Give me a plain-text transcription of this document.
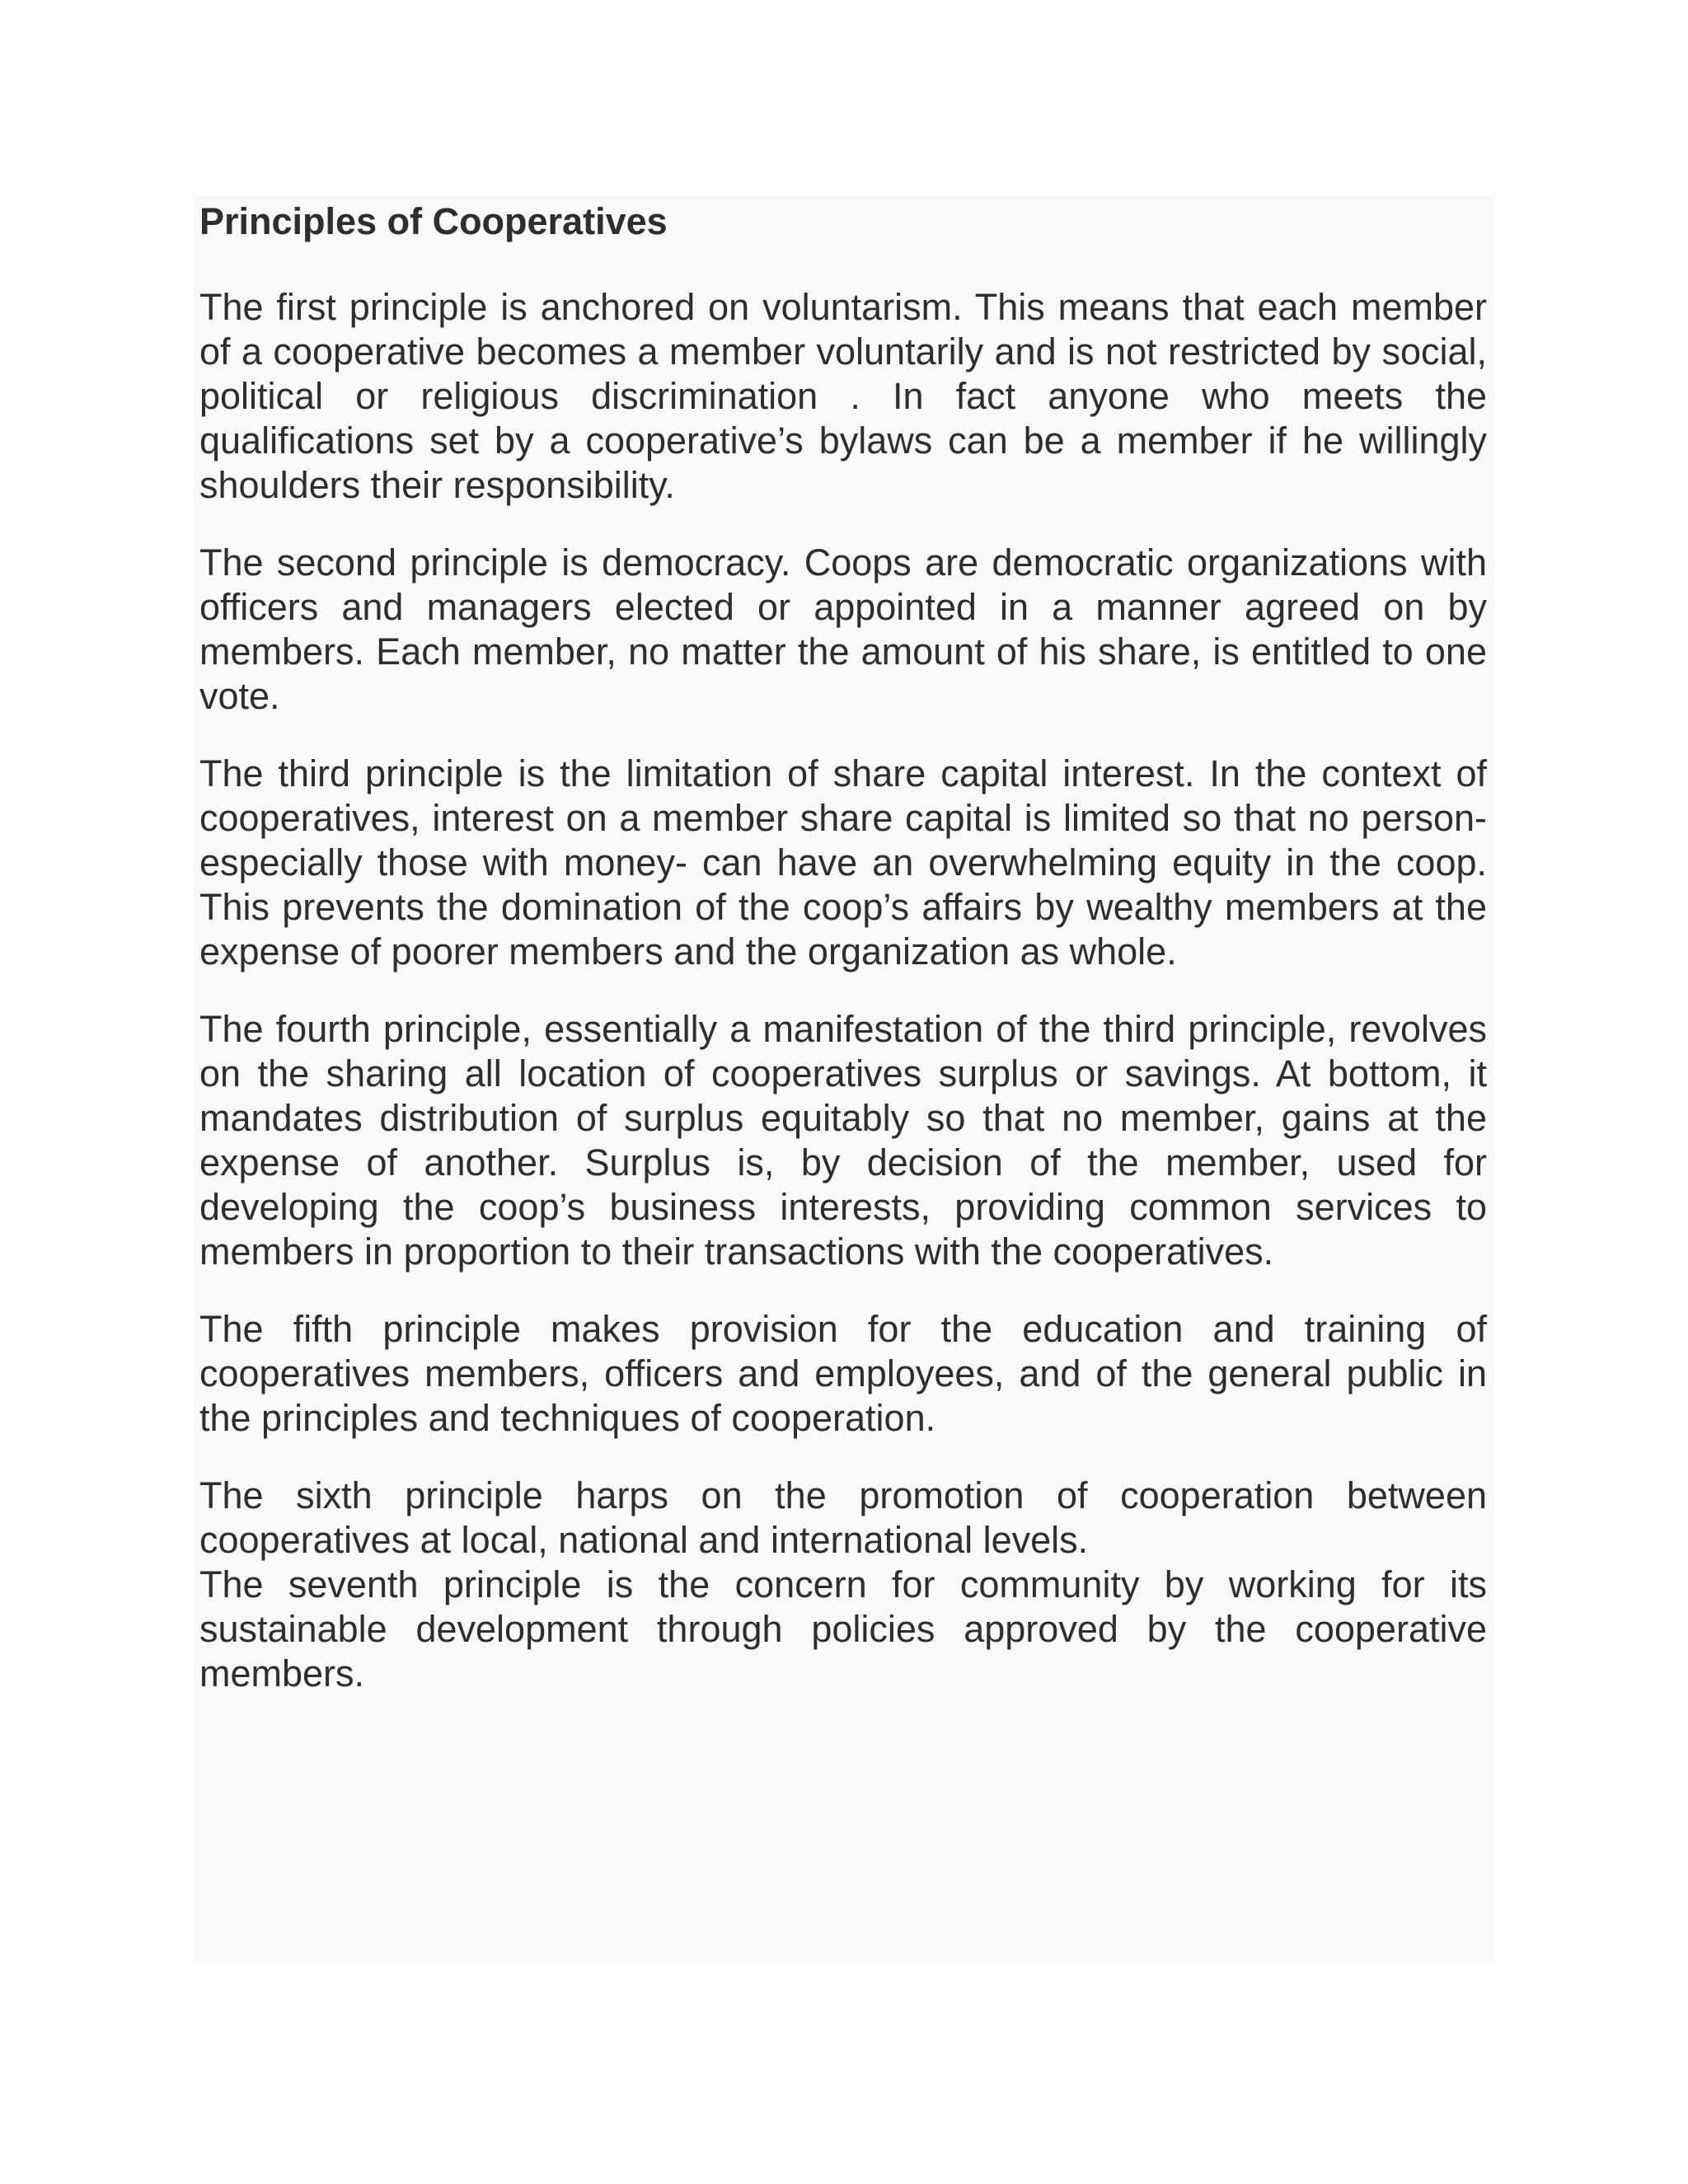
Principles of Cooperatives

The first principle is anchored on voluntarism. This means that each member of a cooperative becomes a member voluntarily and is not restricted by social, political or religious discrimination . In fact anyone who meets the qualifications set by a cooperative’s bylaws can be a member if he willingly shoulders their responsibility.

The second principle is democracy. Coops are democratic organizations with officers and managers elected or appointed in a manner agreed on by members. Each member, no matter the amount of his share, is entitled to one vote.

The third principle is the limitation of share capital interest. In the context of cooperatives, interest on a member share capital is limited so that no person- especially those with money- can have an overwhelming equity in the coop. This prevents the domination of the coop’s affairs by wealthy members at the expense of poorer members and the organization as whole.

The fourth principle, essentially a manifestation of the third principle, revolves on the sharing all location of cooperatives surplus or savings. At bottom, it mandates distribution of surplus equitably so that no member, gains at the expense of another. Surplus is, by decision of the member, used for developing the coop’s business interests, providing common services to members in proportion to their transactions with the cooperatives.

The fifth principle makes provision for the education and training of cooperatives members, officers and employees, and of the general public in the principles and techniques of cooperation.

The sixth principle harps on the promotion of cooperation between cooperatives at local, national and international levels.

The seventh principle is the concern for community by working for its sustainable development through policies approved by the cooperative members.
